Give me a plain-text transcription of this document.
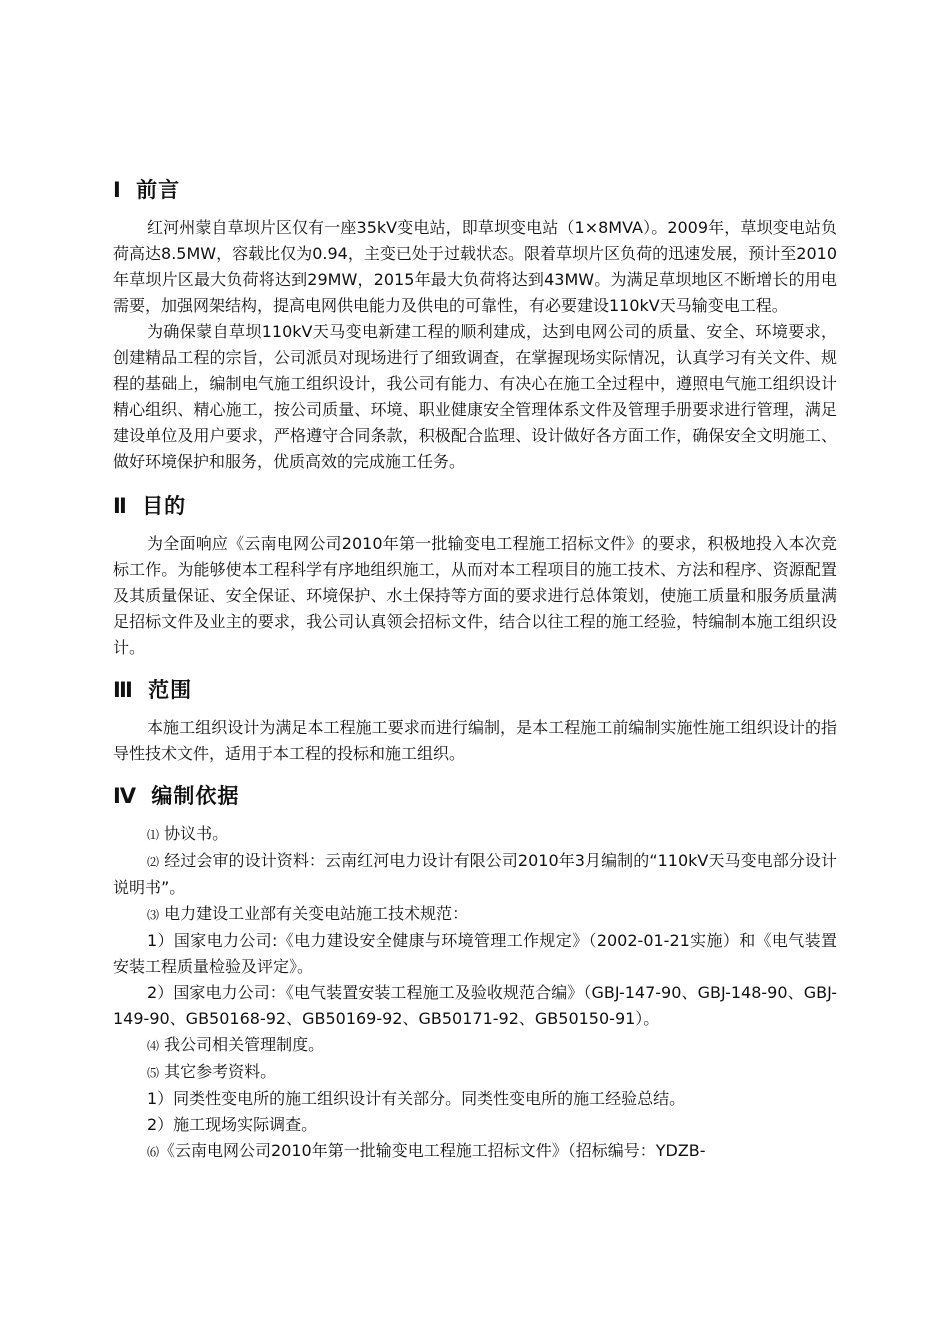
Ⅰ 前言

红河州蒙自草坝片区仅有一座35kV变电站，即草坝变电站（1×8MVA）。2009年，草坝变电站负荷高达8.5MW，容载比仅为0.94，主变已处于过载状态。限着草坝片区负荷的迅速发展，预计至2010年草坝片区最大负荷将达到29MW，2015年最大负荷将达到43MW。为满足草坝地区不断增长的用电需要，加强网架结构，提高电网供电能力及供电的可靠性，有必要建设110kV天马输变电工程。

为确保蒙自草坝110kV天马变电新建工程的顺利建成，达到电网公司的质量、安全、环境要求，创建精品工程的宗旨，公司派员对现场进行了细致调查，在掌握现场实际情况，认真学习有关文件、规程的基础上，编制电气施工组织设计，我公司有能力、有决心在施工全过程中，遵照电气施工组织设计精心组织、精心施工，按公司质量、环境、职业健康安全管理体系文件及管理手册要求进行管理，满足建设单位及用户要求，严格遵守合同条款，积极配合监理、设计做好各方面工作，确保安全文明施工、做好环境保护和服务，优质高效的完成施工任务。

Ⅱ 目的

为全面响应《云南电网公司2010年第一批输变电工程施工招标文件》的要求，积极地投入本次竞标工作。为能够使本工程科学有序地组织施工，从而对本工程项目的施工技术、方法和程序、资源配置及其质量保证、安全保证、环境保护、水土保持等方面的要求进行总体策划，使施工质量和服务质量满足招标文件及业主的要求，我公司认真领会招标文件，结合以往工程的施工经验，特编制本施工组织设计。

Ⅲ 范围

本施工组织设计为满足本工程施工要求而进行编制，是本工程施工前编制实施性施工组织设计的指导性技术文件，适用于本工程的投标和施工组织。

Ⅳ 编制依据

⑴ 协议书。

⑵ 经过会审的设计资料：云南红河电力设计有限公司2010年3月编制的“110kV天马变电部分设计说明书”。

⑶ 电力建设工业部有关变电站施工技术规范：

1）国家电力公司:《电力建设安全健康与环境管理工作规定》（2002-01-21实施）和《电气装置安装工程质量检验及评定》。

2）国家电力公司：《电气装置安装工程施工及验收规范合编》（GBJ-147-90、GBJ-148-90、GBJ-149-90、GB50168-92、GB50169-92、GB50171-92、GB50150-91）。

⑷ 我公司相关管理制度。

⑸ 其它参考资料。

1）同类性变电所的施工组织设计有关部分。同类性变电所的施工经验总结。

2）施工现场实际调查。

⑹《云南电网公司2010年第一批输变电工程施工招标文件》（招标编号：YDZB-
